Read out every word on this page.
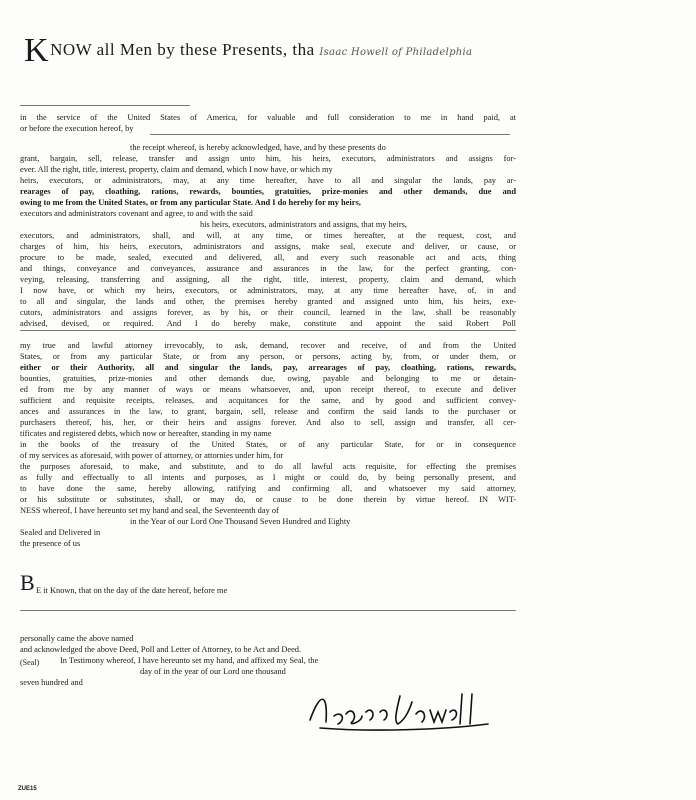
KNOW all Men by these Presents, tha Isaac Howell of Philadelphia
in the service of the United States of America, for valuable and full consideration to me in hand paid, at
or before the execution hereof, by
the receipt whereof, is hereby acknowledged, have, and by these presents do
grant, bargain, sell, release, transfer and assign unto him, his heirs, executors, administrators and assigns for-
ever. All the right, title, interest, property, claim and demand, which I now have, or which my
heirs, executors, or administrators, may, at any time hereafter, have to all and singular the lands, pay ar-
rearages of pay, cloathing, rations, rewards, bounties, gratuities, prize-monies and other demands, due and
owing to me from the United States, or from any particular State. And I do hereby for my heirs,
executors and administrators covenant and agree, to and with the said
his heirs, executors, administrators and assigns, that my heirs,
executors, and administrators, shall, and will, at any time, or times hereafter, at the request, cost, and
charges of him, his heirs, executors, administrators and assigns, make seal, execute and deliver, or cause, or
procure to be made, sealed, executed and delivered, all, and every such reasonable act and acts, thing
and things, conveyance and conveyances, assurance and assurances in the law, for the perfect granting, con-
veying, releasing, transferring and assigning, all the right, title, interest, property, claim and demand, which
I now have, or which my heirs, executors, or administrators, may, at any time hereafter have, of, in and
to all and singular, the lands and other, the premises hereby granted and assigned unto him, his heirs, exe-
cutors, administrators and assigns forever, as by his, or their council, learned in the law, shall be reasonably
advised, devised, or required. And I do hereby make, constitute and appoint the said Robert Poll
my true and lawful attorney irrevocably, to ask, demand, recover and receive, of and from the United
States, or from any particular State, or from any person, or persons, acting by, from, or under them, or
either or their Authority, all and singular the lands, pay, arrearages of pay, cloathing, rations, rewards,
bounties, gratuities, prize-monies and other demands due, owing, payable and belonging to me or detain-
ed from me by any manner of ways or means whatsoever, and, upon receipt thereof, to execute and deliver
sufficient and requisite receipts, releases, and acquitances for the same, and by good and sufficient convey-
ances and assurances in the law, to grant, bargain, sell, release and confirm the said lands to the purchaser or
purchasers thereof, his, her, or their heirs and assigns forever. And also to sell, assign and transfer, all cer-
tificates and registered debts, which now or hereafter, standing in my name
in the books of the treasury of the United States, or of any particular State, for or in consequence
of my services as aforesaid, with power of attorney, or attornies under him, for
the purposes aforesaid, to make, and substitute, and to do all lawful acts requisite, for effecting the premises
as fully and effectually to all intents and purposes, as I might or could do, by being personally present, and
to have done the same, hereby allowing, ratifying and confirming all, and whatsoever my said attorney,
or his substitute or substitutes, shall, or may do, or cause to be done therein by virtue hereof. IN WIT-
NESS whereof, I have hereunto set my hand and seal, the Seventeenth day of
in the Year of our Lord One Thousand Seven Hundred and Eighty
Sealed and Delivered in
the presence of us
B E it Known, that on the day of the date hereof, before me
personally came the above named
and acknowledged the above Deed, Poll and Letter of Attorney, to be Act and Deed.
In Testimony whereof, I have hereunto set my hand, and affixed my Seal, the
day of in the year of our Lord one thousand
seven hundred and
ZUE15
(Seal)
